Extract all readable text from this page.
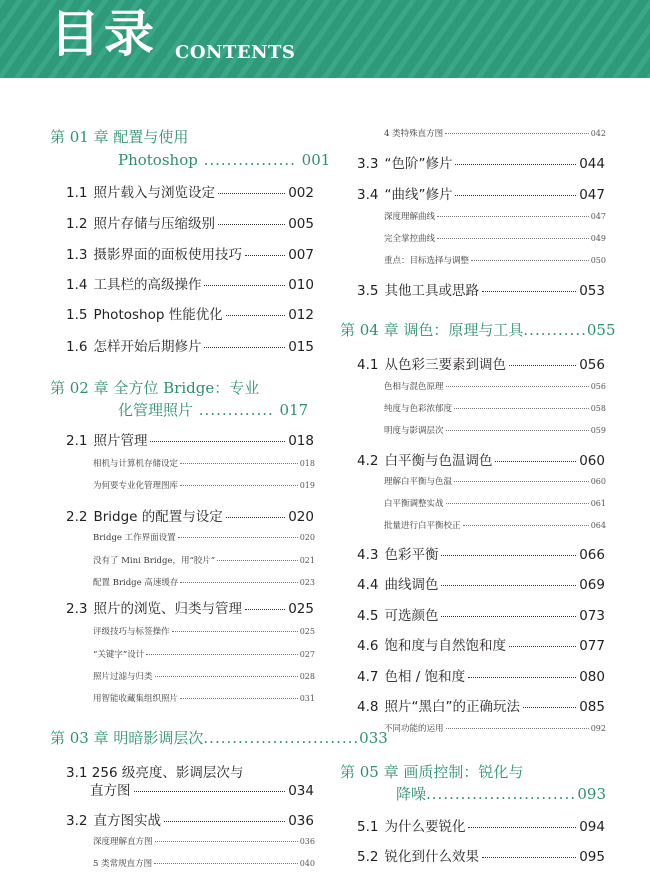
目录 CONTENTS
第 01 章 配置与使用
Photoshop ................ 001
1.1 照片载入与浏览设定	002
1.2 照片存储与压缩级别	005
1.3 摄影界面的面板使用技巧	007
1.4 工具栏的高级操作	010
1.5 Photoshop 性能优化	012
1.6 怎样开始后期修片	015
第 02 章 全方位 Bridge：专业
化管理照片 ............. 017
2.1 照片管理	018
相机与计算机存储设定	018
为何要专业化管理图库	019
2.2 Bridge 的配置与设定	020
Bridge 工作界面设置	020
没有了 Mini Bridge，用“胶片”	021
配置 Bridge 高速缓存	023
2.3 照片的浏览、归类与管理	025
评级技巧与标签操作	025
“关键字”设计	027
照片过滤与归类	028
用智能收藏集组织照片	031
第 03 章 明暗影调层次 ........................... 033
3.1 256 级亮度、影调层次与
直方图	034
3.2 直方图实战	036
深度理解直方图	036
5 类常规直方图	040
4 类特殊直方图	042
3.3 “色阶”修片	044
3.4 “曲线”修片	047
深度理解曲线	047
完全掌控曲线	049
重点：目标选择与调整	050
3.5 其他工具或思路	053
第 04 章 调色：原理与工具 ........... 055
4.1 从色彩三要素到调色	056
色相与混色原理	056
纯度与色彩浓郁度	058
明度与影调层次	059
4.2 白平衡与色温调色	060
理解白平衡与色温	060
白平衡调整实战	061
批量进行白平衡校正	064
4.3 色彩平衡	066
4.4 曲线调色	069
4.5 可选颜色	073
4.6 饱和度与自然饱和度	077
4.7 色相 / 饱和度	080
4.8 照片“黑白”的正确玩法	085
不同功能的运用	092
第 05 章 画质控制：锐化与
降噪 .......................... 093
5.1 为什么要锐化	094
5.2 锐化到什么效果	095
